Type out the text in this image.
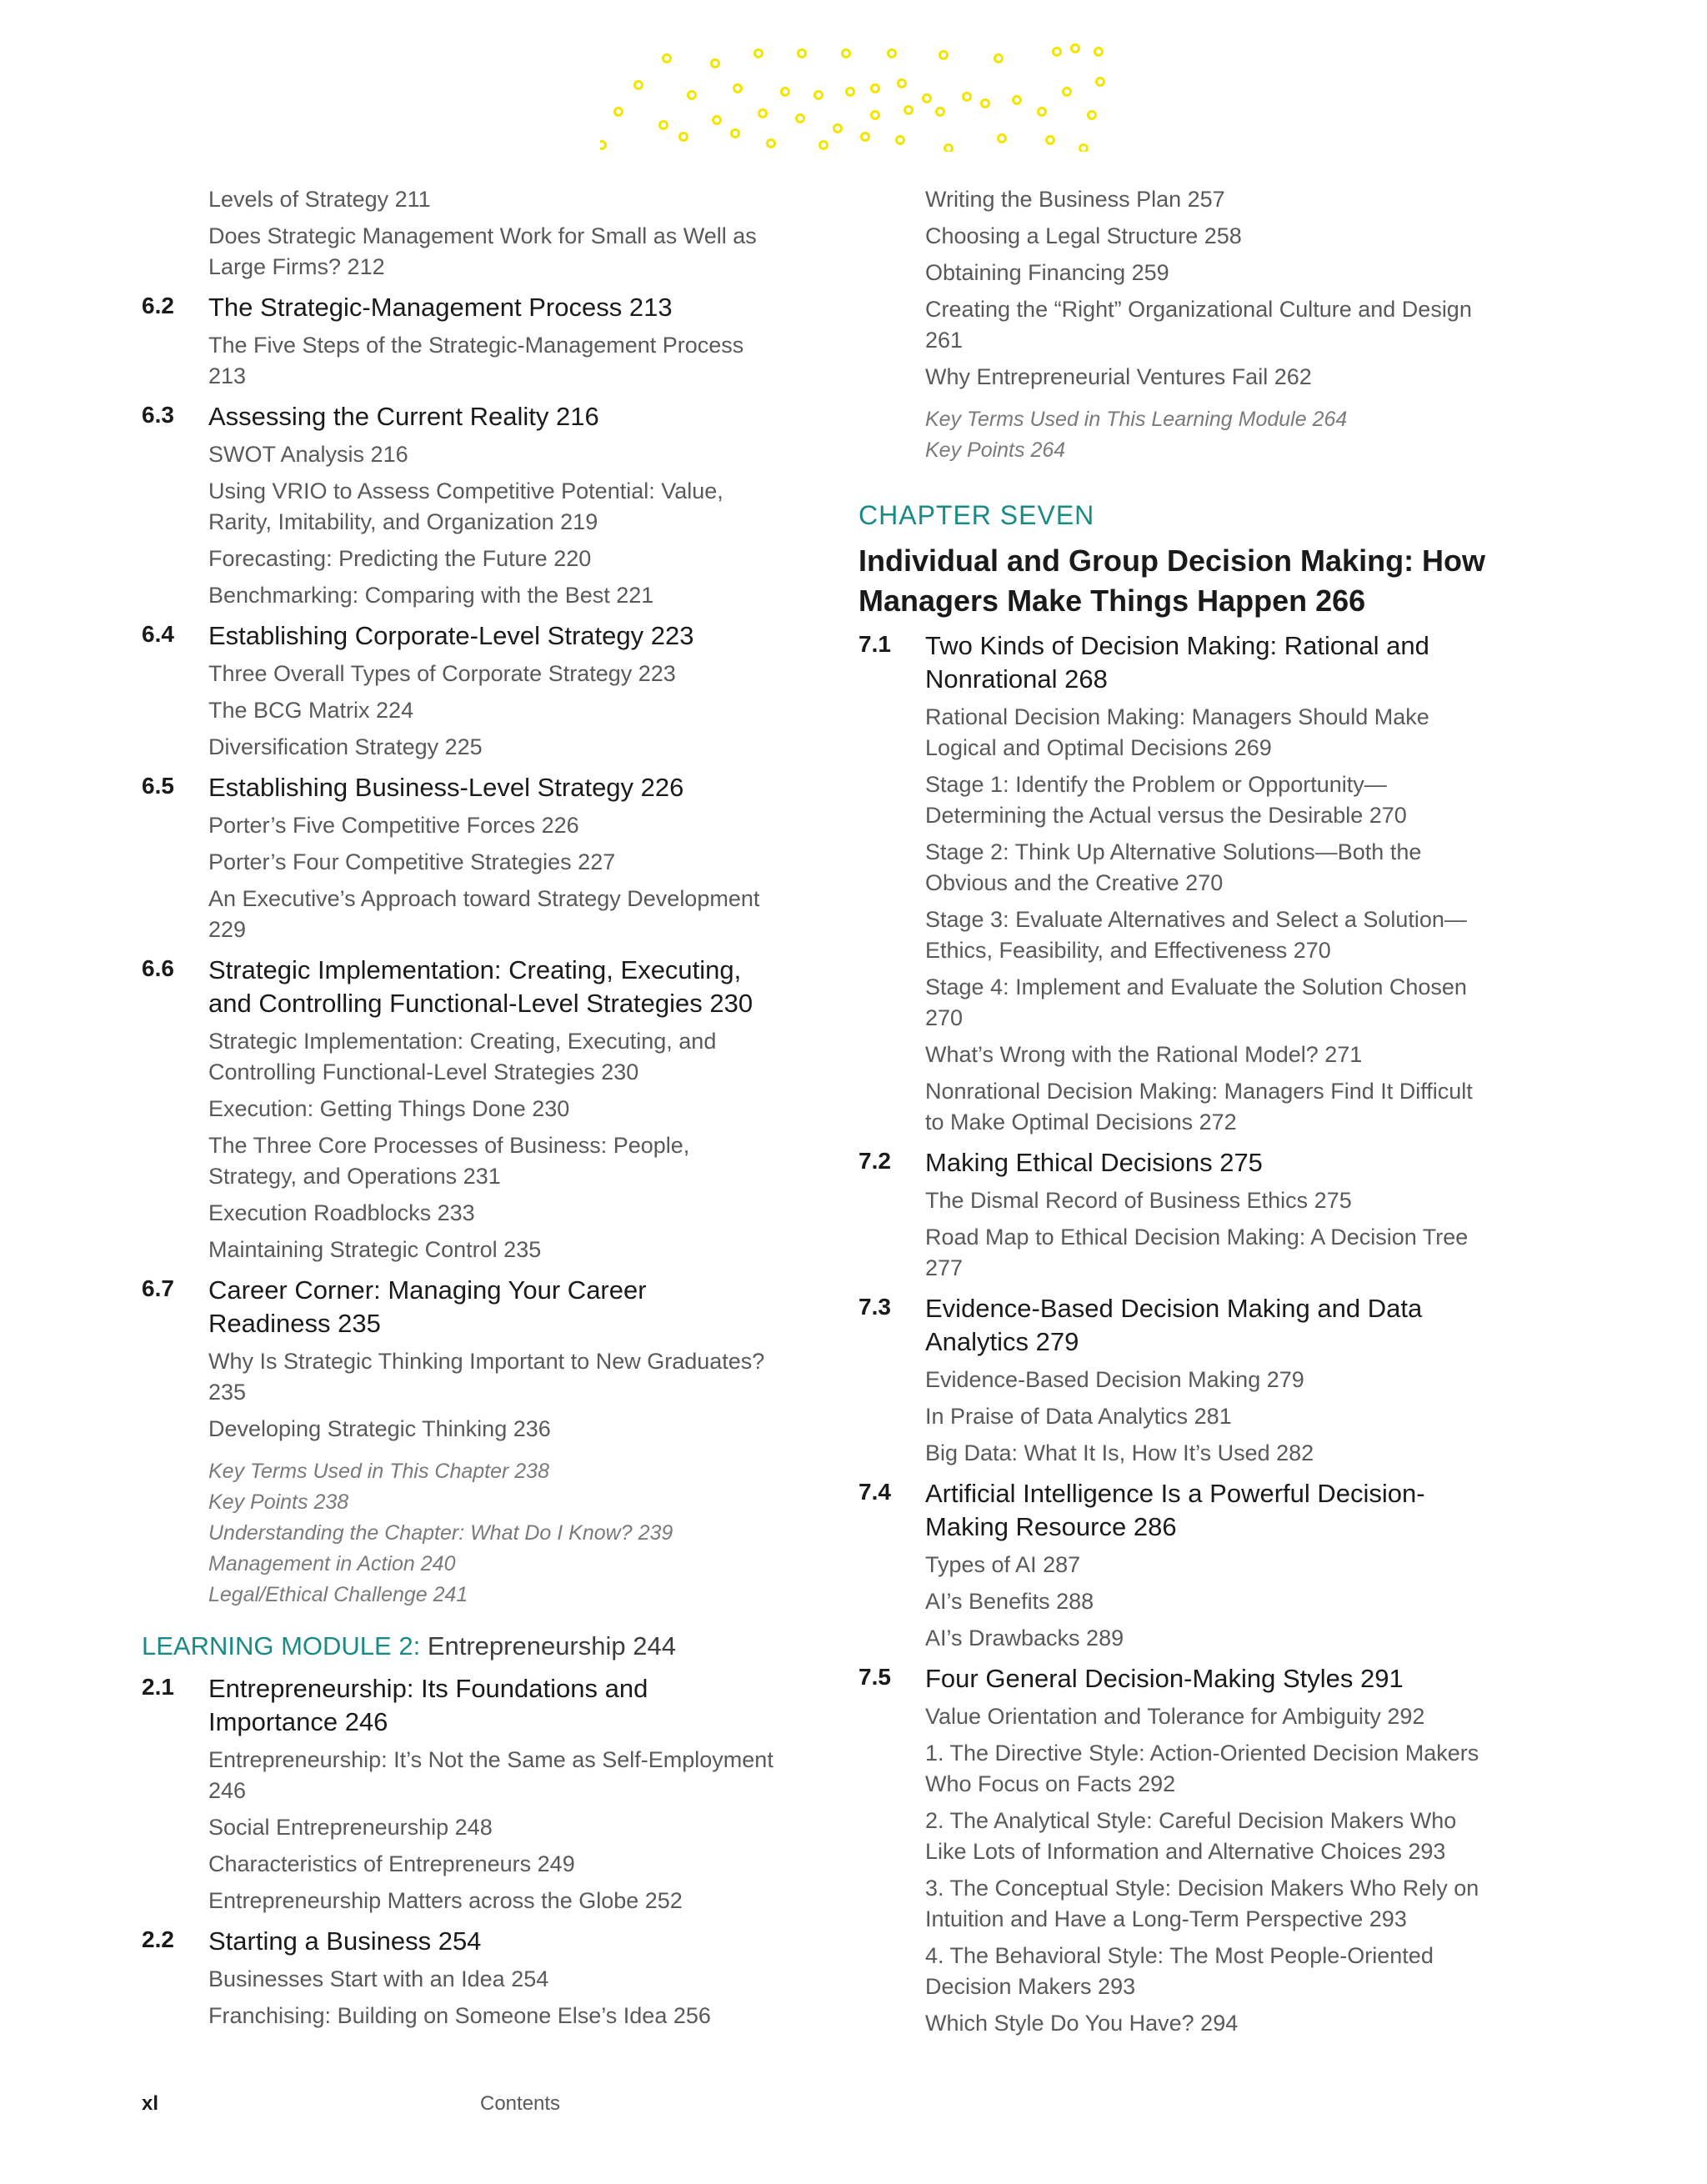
Levels of Strategy 211
Does Strategic Management Work for Small as Well as Large Firms? 212
6.2 The Strategic-Management Process 213
The Five Steps of the Strategic-Management Process 213
6.3 Assessing the Current Reality 216
SWOT Analysis 216
Using VRIO to Assess Competitive Potential: Value, Rarity, Imitability, and Organization 219
Forecasting: Predicting the Future 220
Benchmarking: Comparing with the Best 221
6.4 Establishing Corporate-Level Strategy 223
Three Overall Types of Corporate Strategy 223
The BCG Matrix 224
Diversification Strategy 225
6.5 Establishing Business-Level Strategy 226
Porter’s Five Competitive Forces 226
Porter’s Four Competitive Strategies 227
An Executive’s Approach toward Strategy Development 229
6.6 Strategic Implementation: Creating, Executing, and Controlling Functional-Level Strategies 230
Strategic Implementation: Creating, Executing, and Controlling Functional-Level Strategies 230
Execution: Getting Things Done 230
The Three Core Processes of Business: People, Strategy, and Operations 231
Execution Roadblocks 233
Maintaining Strategic Control 235
6.7 Career Corner: Managing Your Career Readiness 235
Why Is Strategic Thinking Important to New Graduates? 235
Developing Strategic Thinking 236
Key Terms Used in This Chapter 238
Key Points 238
Understanding the Chapter: What Do I Know? 239
Management in Action 240
Legal/Ethical Challenge 241
LEARNING MODULE 2: Entrepreneurship 244
2.1 Entrepreneurship: Its Foundations and Importance 246
Entrepreneurship: It’s Not the Same as Self-Employment 246
Social Entrepreneurship 248
Characteristics of Entrepreneurs 249
Entrepreneurship Matters across the Globe 252
2.2 Starting a Business 254
Businesses Start with an Idea 254
Franchising: Building on Someone Else’s Idea 256
Writing the Business Plan 257
Choosing a Legal Structure 258
Obtaining Financing 259
Creating the “Right” Organizational Culture and Design 261
Why Entrepreneurial Ventures Fail 262
Key Terms Used in This Learning Module 264
Key Points 264
CHAPTER SEVEN
Individual and Group Decision Making: How Managers Make Things Happen 266
7.1 Two Kinds of Decision Making: Rational and Nonrational 268
Rational Decision Making: Managers Should Make Logical and Optimal Decisions 269
Stage 1: Identify the Problem or Opportunity—Determining the Actual versus the Desirable 270
Stage 2: Think Up Alternative Solutions—Both the Obvious and the Creative 270
Stage 3: Evaluate Alternatives and Select a Solution—Ethics, Feasibility, and Effectiveness 270
Stage 4: Implement and Evaluate the Solution Chosen 270
What’s Wrong with the Rational Model? 271
Nonrational Decision Making: Managers Find It Difficult to Make Optimal Decisions 272
7.2 Making Ethical Decisions 275
The Dismal Record of Business Ethics 275
Road Map to Ethical Decision Making: A Decision Tree 277
7.3 Evidence-Based Decision Making and Data Analytics 279
Evidence-Based Decision Making 279
In Praise of Data Analytics 281
Big Data: What It Is, How It’s Used 282
7.4 Artificial Intelligence Is a Powerful Decision-Making Resource 286
Types of AI 287
AI’s Benefits 288
AI’s Drawbacks 289
7.5 Four General Decision-Making Styles 291
Value Orientation and Tolerance for Ambiguity 292
1. The Directive Style: Action-Oriented Decision Makers Who Focus on Facts 292
2. The Analytical Style: Careful Decision Makers Who Like Lots of Information and Alternative Choices 293
3. The Conceptual Style: Decision Makers Who Rely on Intuition and Have a Long-Term Perspective 293
4. The Behavioral Style: The Most People-Oriented Decision Makers 293
Which Style Do You Have? 294
xl	Contents
